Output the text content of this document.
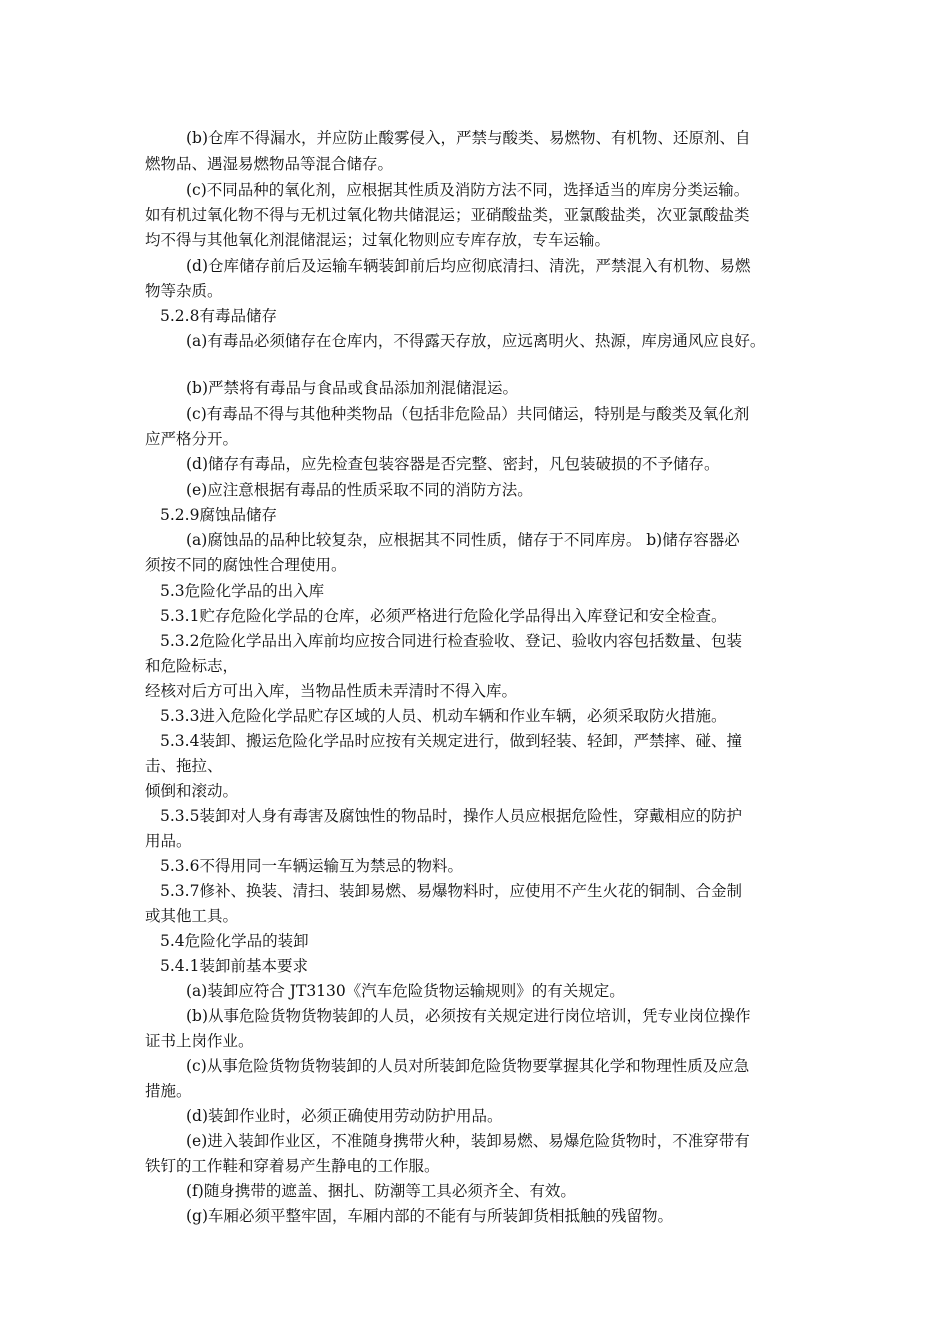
(b)仓库不得漏水，并应防止酸雾侵入，严禁与酸类、易燃物、有机物、还原剂、自
燃物品、遇湿易燃物品等混合储存。
(c)不同品种的氧化剂，应根据其性质及消防方法不同，选择适当的库房分类运输。
如有机过氧化物不得与无机过氧化物共储混运；亚硝酸盐类，亚氯酸盐类，次亚氯酸盐类
均不得与其他氧化剂混储混运；过氧化物则应专库存放，专车运输。
(d)仓库储存前后及运输车辆装卸前后均应彻底清扫、清洗，严禁混入有机物、易燃
物等杂质。
5.2.8有毒品储存
(a)有毒品必须储存在仓库内，不得露天存放，应远离明火、热源，库房通风应良好。
(b)严禁将有毒品与食品或食品添加剂混储混运。
(c)有毒品不得与其他种类物品（包括非危险品）共同储运，特别是与酸类及氧化剂
应严格分开。
(d)储存有毒品，应先检查包装容器是否完整、密封，凡包装破损的不予储存。
(e)应注意根据有毒品的性质采取不同的消防方法。
5.2.9腐蚀品储存
(a)腐蚀品的品种比较复杂，应根据其不同性质，储存于不同库房。 b)储存容器必
须按不同的腐蚀性合理使用。
5.3危险化学品的出入库
5.3.1贮存危险化学品的仓库，必须严格进行危险化学品得出入库登记和安全检查。
5.3.2危险化学品出入库前均应按合同进行检查验收、登记、验收内容包括数量、包装
和危险标志，
经核对后方可出入库，当物品性质未弄清时不得入库。
5.3.3进入危险化学品贮存区域的人员、机动车辆和作业车辆，必须采取防火措施。
5.3.4装卸、搬运危险化学品时应按有关规定进行，做到轻装、轻卸，严禁摔、碰、撞
击、拖拉、
倾倒和滚动。
5.3.5装卸对人身有毒害及腐蚀性的物品时，操作人员应根据危险性，穿戴相应的防护
用品。
5.3.6不得用同一车辆运输互为禁忌的物料。
5.3.7修补、换装、清扫、装卸易燃、易爆物料时，应使用不产生火花的铜制、合金制
或其他工具。
5.4危险化学品的装卸
5.4.1装卸前基本要求
(a)装卸应符合 JT3130《汽车危险货物运输规则》的有关规定。
(b)从事危险货物货物装卸的人员，必须按有关规定进行岗位培训，凭专业岗位操作
证书上岗作业。
(c)从事危险货物货物装卸的人员对所装卸危险货物要掌握其化学和物理性质及应急
措施。
(d)装卸作业时，必须正确使用劳动防护用品。
(e)进入装卸作业区，不准随身携带火种，装卸易燃、易爆危险货物时，不准穿带有
铁钉的工作鞋和穿着易产生静电的工作服。
(f)随身携带的遮盖、捆扎、防潮等工具必须齐全、有效。
(g)车厢必须平整牢固，车厢内部的不能有与所装卸货相抵触的残留物。
